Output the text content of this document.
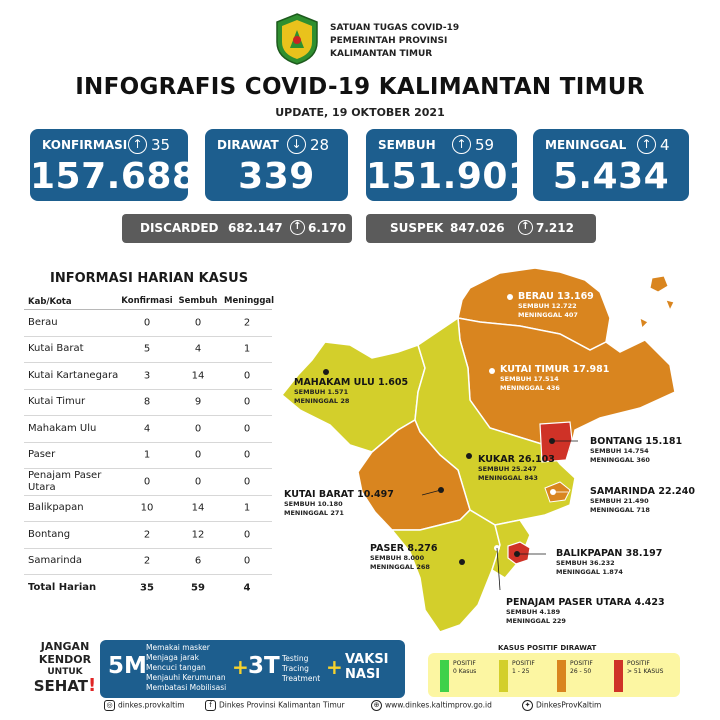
SATUAN TUGAS COVID-19
PEMERINTAH PROVINSI
KALIMANTAN TIMUR
INFOGRAFIS COVID-19 KALIMANTAN TIMUR
UPDATE, 19 OKTOBER 2021
KONFIRMASI ↑ 35
157.688
DIRAWAT	↓ 28
339
SEMBUH	↑ 59
151.901
MENINGGAL	↑ 4
5.434
DISCARDED 682.147	↑ 6.170	SUSPEK 847.026	↑ 7.212
INFORMASI HARIAN KASUS
Kab/Kota	Konfirmasi Sembuh Meninggal
Berau	0	0	2
Kutai Barat	5	4	1
Kutai Kartanegara	3	14	0
Kutai Timur	8	9	0
Mahakam Ulu	4	0	0
Paser	1	0	0
Penajam Paser Utara	0	0	0
Balikpapan	10	14	1
Bontang	2	12	0
Samarinda	2	6	0
Total Harian	35	59	4
BERAU 13.169
SEMBUH 12.722
MENINGGAL 407
KUTAI TIMUR 17.981
SEMBUH 17.514
MENINGGAL 436
MAHAKAM ULU 1.605
SEMBUH 1.571
MENINGGAL 28
BONTANG 15.181
SEMBUH 14.754
MENINGGAL 360
KUKAR 26.103
SEMBUH 25.247
MENINGGAL 843
SAMARINDA 22.240
SEMBUH 21.490
MENINGGAL 718
KUTAI BARAT 10.497
SEMBUH 10.180
MENINGGAL 271
PASER 8.276
SEMBUH 8.000
MENINGGAL 268
BALIKPAPAN 38.197
SEMBUH 36.232
MENINGGAL 1.874
PENAJAM PASER UTARA 4.423
SEMBUH 4.189
MENINGGAL 229
KASUS POSITIF DIRAWAT
POSITIF
0 Kasus
POSITIF
1 - 25
POSITIF
26 - 50
POSITIF
> 51 KASUS
JANGAN
KENDOR
UNTUK
SEHAT!
5M
Memakai masker
Menjaga jarak
Mencuci tangan
Menjauhi Kerumunan
Membatasi Mobilisasi
+ 3T Testing
Tracing
Treatment + VAKSI
NASI
◎ dinkes.provkaltim	f Dinkes Provinsi Kalimantan Timur	⊕ www.dinkes.kaltimprov.go.id	✦ DinkesProvKaltim
